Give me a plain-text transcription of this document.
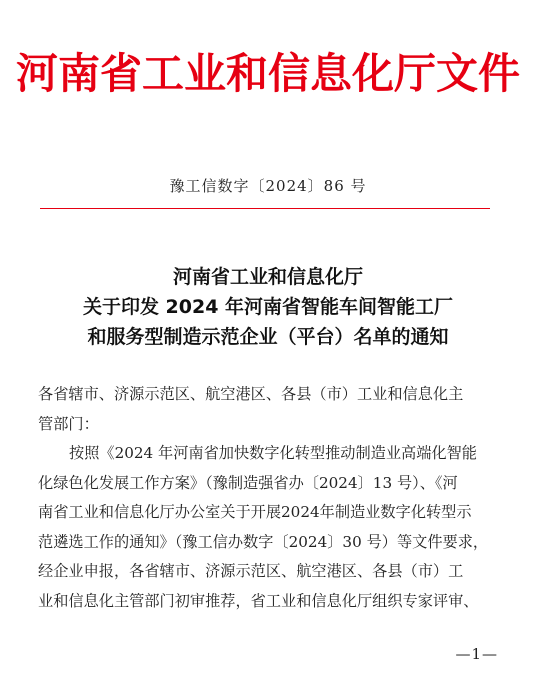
河南省工业和信息化厅文件
豫工信数字〔2024〕86 号
河南省工业和信息化厅
关于印发 2024 年河南省智能车间智能工厂
和服务型制造示范企业（平台）名单的通知

各省辖市、济源示范区、航空港区、各县（市）工业和信息化主
管部门：

按照《2024 年河南省加快数字化转型推动制造业高端化智能
化绿色化发展工作方案》（豫制造强省办〔2024〕13 号）、《河
南省工业和信息化厅办公室关于开展2024年制造业数字化转型示
范遴选工作的通知》（豫工信办数字〔2024〕30 号）等文件要求，
经企业申报，各省辖市、济源示范区、航空港区、各县（市）工
业和信息化主管部门初审推荐，省工业和信息化厅组织专家评审、

—1—
